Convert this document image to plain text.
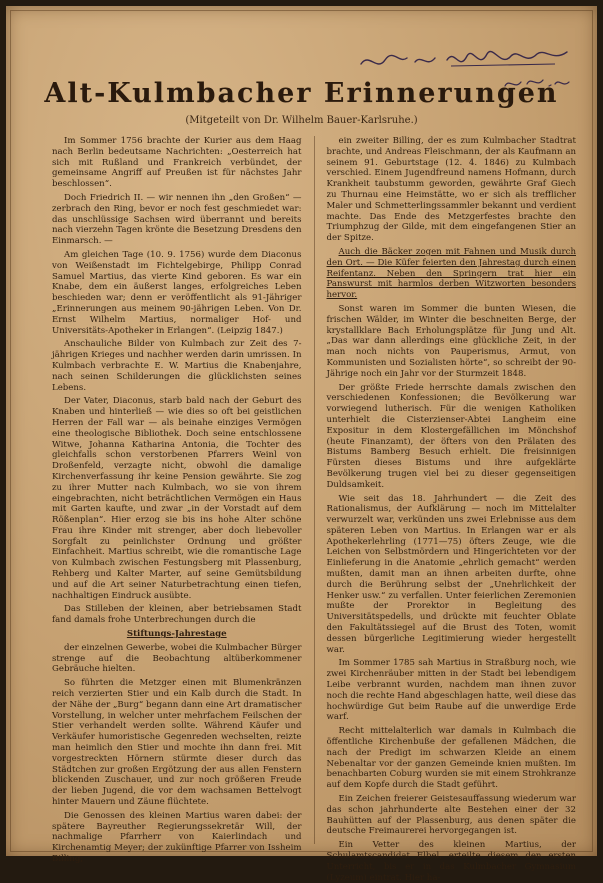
Alt-Kulmbacher Erinnerungen
(Mitgeteilt von Dr. Wilhelm Bauer-Karlsruhe.)

Im Sommer 1756 brachte der Kurier aus dem Haag nach Berlin bedeutsame Nachrichten: „Oesterreich hat sich mit Rußland und Frankreich verbündet, der gemeinsame Angriff auf Preußen ist für nächstes Jahr beschlossen“.

Doch Friedrich II. — wir nennen ihn „den Großen“ — zerbrach den Ring, bevor er noch fest geschmiedet war: das unschlüssige Sachsen wird überrannt und bereits nach vierzehn Tagen krönte die Besetzung Dresdens den Einmarsch. —

Am gleichen Tage (10. 9. 1756) wurde dem Diaconus von Weißenstadt im Fichtelgebirge, Philipp Conrad Samuel Martius, das vierte Kind geboren. Es war ein Knabe, dem ein äußerst langes, erfolgreiches Leben beschieden war; denn er veröffentlicht als 91-Jähriger „Erinnerungen aus meinem 90-jährigen Leben. Von Dr. Ernst Wilhelm Martius, normaliger Hof- und Universitäts-Apotheker in Erlangen“. (Leipzig 1847.)

Anschauliche Bilder von Kulmbach zur Zeit des 7-jährigen Krieges und nachher werden darin umrissen. In Kulmbach verbrachte E. W. Martius die Knabenjahre, nach seinen Schilderungen die glücklichsten seines Lebens.

Der Vater, Diaconus, starb bald nach der Geburt des Knaben und hinterließ — wie dies so oft bei geistlichen Herren der Fall war — als beinahe einziges Vermögen eine theologische Bibliothek. Doch seine entschlossene Witwe, Johanna Katharina Antonia, die Tochter des gleichfalls schon verstorbenen Pfarrers Weinl von Droßenfeld, verzagte nicht, obwohl die damalige Kirchenverfassung ihr keine Pension gewährte. Sie zog zu ihrer Mutter nach Kulmbach, wo sie von ihrem eingebrachten, nicht beträchtlichen Vermögen ein Haus mit Garten kaufte, und zwar „in der Vorstadt auf dem Rößenplan“. Hier erzog sie bis ins hohe Alter schöne Frau ihre Kinder mit strenger, aber doch liebevoller Sorgfalt zu peinlichster Ordnung und größter Einfachheit. Martius schreibt, wie die romantische Lage von Kulmbach zwischen Festungsberg mit Plassenburg, Rehberg und Kalter Marter, auf seine Gemütsbildung und auf die Art seiner Naturbetrachtung einen tiefen, nachhaltigen Eindruck ausübte.

Das Stilleben der kleinen, aber betriebsamen Stadt fand damals frohe Unterbrechungen durch die

Stiftungs-Jahrestage

der einzelnen Gewerbe, wobei die Kulmbacher Bürger strenge auf die Beobachtung altüberkommener Gebräuche hielten.

So führten die Metzger einen mit Blumenkränzen reich verzierten Stier und ein Kalb durch die Stadt. In der Nähe der „Burg“ begann dann eine Art dramatischer Vorstellung, in welcher unter mehrfachem Feilschen der Stier verhandelt werden sollte. Während Käufer und Verkäufer humoristische Gegenreden wechselten, reizte man heimlich den Stier und mochte ihn dann frei. Mit vorgestreckten Hörnern stürmte dieser durch das Städtchen zur großen Ergötzung der aus allen Fenstern blickenden Zuschauer, und zur noch größeren Freude der lieben Jugend, die vor dem wachsamen Bettelvogt hinter Mauern und Zäune flüchtete.

Die Genossen des kleinen Martius waren dabei: der spätere Bayreuther Regierungssekretär Will, der nachmalige Pfarrherr von Kaierlindach und Kirchenamtig Meyer; der zukünftige Pfarrer von Issheim Billing;

ein zweiter Billing, der es zum Kulmbacher Stadtrat brachte, und Andreas Fleischmann, der als Kaufmann an seinem 91. Geburtstage (12. 4. 1846) zu Kulmbach verschied. Einem Jugendfreund namens Hofmann, durch Krankheit taubstumm geworden, gewährte Graf Giech zu Thurnau eine Heimstätte, wo er sich als trefflicher Maler und Schmetterlingssammler bekannt und verdient machte. Das Ende des Metzgerfestes brachte den Triumphzug der Gilde, mit dem eingefangenen Stier an der Spitze.

Auch die Bäcker zogen mit Fahnen und Musik durch den Ort. — Die Küfer feierten den Jahrestag durch einen Reifentanz. Neben den Springern trat hier ein Panswurst mit harmlos derben Witzworten besonders hervor.

Sonst waren im Sommer die bunten Wiesen, die frischen Wälder, im Winter die beschneiten Berge, der krystallklare Bach Erholungsplätze für Jung und Alt. „Das war dann allerdings eine glückliche Zeit, in der man noch nichts von Pauperismus, Armut, von Kommunisten und Sozialisten hörte“, so schreibt der 90-Jährige noch ein Jahr vor der Sturmzeit 1848.

Der größte Friede herrschte damals zwischen den verschiedenen Konfessionen; die Bevölkerung war vorwiegend lutherisch. Für die wenigen Katholiken unterhielt die Cisterzienser-Abtei Langheim eine Expositur in dem Klostergefällichen im Mönchshof (heute Finanzamt), der öfters von den Prälaten des Bistums Bamberg Besuch erhielt. Die freisinnigen Fürsten dieses Bistums und ihre aufgeklärte Bevölkerung trugen viel bei zu dieser gegenseitigen Duldsamkeit.

Wie seit das 18. Jahrhundert — die Zeit des Rationalismus, der Aufklärung — noch im Mittelalter verwurzelt war, verkünden uns zwei Erlebnisse aus dem späteren Leben von Martius. In Erlangen war er als Apothekerlehrling (1771—75) öfters Zeuge, wie die Leichen von Selbstmördern und Hingerichteten vor der Einlieferung in die Anatomie „ehrlich gemacht“ werden mußten, damit man an ihnen arbeiten durfte, ohne durch die Berührung selbst der „Unehrlichkeit der Henker usw.“ zu verfallen. Unter feierlichen Zeremonien mußte der Prorektor in Begleitung des Universitätspedells, und drückte mit feuchter Oblate den Fakultätssiegel auf die Brust des Toten, womit dessen bürgerliche Legitimierung wieder hergestellt war.

Im Sommer 1785 sah Martius in Straßburg noch, wie zwei Kirchenräuber mitten in der Stadt bei lebendigem Leibe verbrannt wurden, nachdem man ihnen zuvor noch die rechte Hand abgeschlagen hatte, weil diese das hochwürdige Gut beim Raube auf die unwerdige Erde warf.

Recht mittelalterlich war damals in Kulmbach die öffentliche Kirchenbuße der gefallenen Mädchen, die nach der Predigt im schwarzen Kleide an einem Nebenaltar vor der ganzen Gemeinde knien mußten. Im benachbarten Coburg wurden sie mit einem Strohkranze auf dem Kopfe durch die Stadt geführt.

Ein Zeichen freierer Geistesauffassung wiederum war das schon jahrhunderte alte Bestehen einer der 32 Bauhütten auf der Plassenburg, aus denen später die deutsche Freimaurerei hervorgegangen ist.

Ein Vetter des kleinen Martius, der Schulamtscandidat Elbel, erteilte diesem den ersten Unterricht, bis er in das Kulmbacher Gymnasium (Lyzeum) eintrat. Hier ha-
